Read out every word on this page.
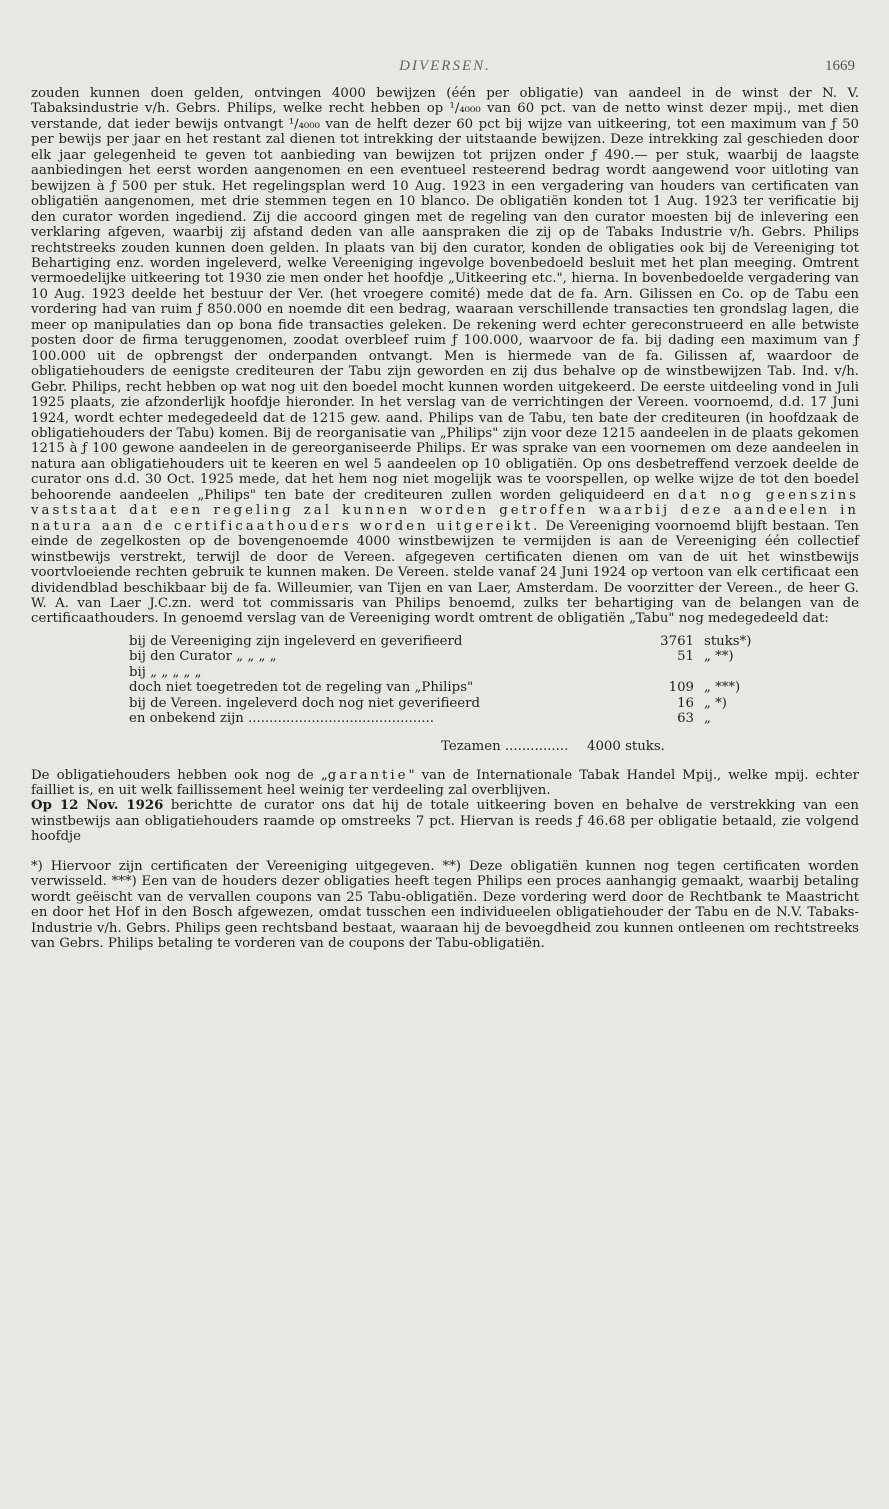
DIVERSEN.	1669

zouden kunnen doen gelden, ontvingen 4000 bewijzen (één per obligatie) van aandeel in de winst der N. V. Tabaksindustrie v/h. Gebrs. Philips, welke recht hebben op ¹/₄₀₀₀ van 60 pct. van de netto winst dezer mpij., met dien verstande, dat ieder bewijs ontvangt ¹/₄₀₀₀ van de helft dezer 60 pct bij wijze van uitkeering, tot een maximum van ƒ 50 per bewijs per jaar en het restant zal dienen tot intrekking der uitstaande bewijzen. Deze intrekking zal geschieden door elk jaar gelegenheid te geven tot aanbieding van bewijzen tot prijzen onder ƒ 490.— per stuk, waarbij de laagste aanbiedingen het eerst worden aangenomen en een eventueel resteerend bedrag wordt aangewend voor uitloting van bewijzen à ƒ 500 per stuk. Het regelingsplan werd 10 Aug. 1923 in een vergadering van houders van certificaten van obligatiën aangenomen, met drie stemmen tegen en 10 blanco. De obligatiën konden tot 1 Aug. 1923 ter verificatie bij den curator worden ingediend. Zij die accoord gingen met de regeling van den curator moesten bij de inlevering een verklaring afgeven, waarbij zij afstand deden van alle aanspraken die zij op de Tabaks Industrie v/h. Gebrs. Philips rechtstreeks zouden kunnen doen gelden. In plaats van bij den curator, konden de obligaties ook bij de Vereeniging tot Behartiging enz. worden ingeleverd, welke Vereeniging ingevolge bovenbedoeld besluit met het plan meeging. Omtrent vermoedelijke uitkeering tot 1930 zie men onder het hoofdje „Uitkeering etc.", hierna. In bovenbedoelde vergadering van 10 Aug. 1923 deelde het bestuur der Ver. (het vroegere comité) mede dat de fa. Arn. Gilissen en Co. op de Tabu een vordering had van ruim ƒ 850.000 en noemde dit een bedrag, waaraan verschillende transacties ten grondslag lagen, die meer op manipulaties dan op bona fide transacties geleken. De rekening werd echter gereconstrueerd en alle betwiste posten door de firma teruggenomen, zoodat overbleef ruim ƒ 100.000, waarvoor de fa. bij dading een maximum van ƒ 100.000 uit de opbrengst der onderpanden ontvangt. Men is hiermede van de fa. Gilissen af, waardoor de obligatiehouders de eenigste crediteuren der Tabu zijn geworden en zij dus behalve op de winstbewijzen Tab. Ind. v/h. Gebr. Philips, recht hebben op wat nog uit den boedel mocht kunnen worden uitgekeerd. De eerste uitdeeling vond in Juli 1925 plaats, zie afzonderlijk hoofdje hieronder. In het verslag van de verrichtingen der Vereen. voornoemd, d.d. 17 Juni 1924, wordt echter medegedeeld dat de 1215 gew. aand. Philips van de Tabu, ten bate der crediteuren (in hoofdzaak de obligatiehouders der Tabu) komen. Bij de reorganisatie van „Philips" zijn voor deze 1215 aandeelen in de plaats gekomen 1215 à ƒ 100 gewone aandeelen in de gereorganiseerde Philips. Er was sprake van een voornemen om deze aandeelen in natura aan obligatiehouders uit te keeren en wel 5 aandeelen op 10 obligatiën. Op ons desbetreffend verzoek deelde de curator ons d.d. 30 Oct. 1925 mede, dat het hem nog niet mogelijk was te voorspellen, op welke wijze de tot den boedel behoorende aandeelen „Philips" ten bate der crediteuren zullen worden geliquideerd en dat nog geenszins vaststaat dat een regeling zal kunnen worden getroffen waarbij deze aandeelen in natura aan de certificaathouders worden uitgereikt. De Vereeniging voornoemd blijft bestaan. Ten einde de zegelkosten op de bovengenoemde 4000 winstbewijzen te vermijden is aan de Vereeniging één collectief winstbewijs verstrekt, terwijl de door de Vereen. afgegeven certificaten dienen om van de uit het winstbewijs voortvloeiende rechten gebruik te kunnen maken. De Vereen. stelde vanaf 24 Juni 1924 op vertoon van elk certificaat een dividendblad beschikbaar bij de fa. Willeumier, van Tijen en van Laer, Amsterdam. De voorzitter der Vereen., de heer G. W. A. van Laer J.C.zn. werd tot commissaris van Philips benoemd, zulks ter behartiging van de belangen van de certificaathouders. In genoemd verslag van de Vereeniging wordt omtrent de obligatiën „Tabu" nog medegedeeld dat:

bij de Vereeniging zijn ingeleverd en geverifieerd	3761 stuks*)
bij den Curator „ „ „ „	51 „ **)
bij „ „ „ „ „
doch niet toegetreden tot de regeling van „Philips"	109 „ ***)
bij de Vereen. ingeleverd doch nog niet geverifieerd	16 „ *)
en onbekend zijn ............................................	63 „
Tezamen ...............	4000 stuks.
De obligatiehouders hebben ook nog de „garantie" van de Internationale Tabak Handel Mpij., welke mpij. echter failliet is, en uit welk faillissement heel weinig ter verdeeling zal overblijven.
Op 12 Nov. 1926 berichtte de curator ons dat hij de totale uitkeering boven en behalve de verstrekking van een winstbewijs aan obligatiehouders raamde op omstreeks 7 pct. Hiervan is reeds ƒ 46.68 per obligatie betaald, zie volgend hoofdje

*) Hiervoor zijn certificaten der Vereeniging uitgegeven. **) Deze obligatiën kunnen nog tegen certificaten worden verwisseld. ***) Een van de houders dezer obligaties heeft tegen Philips een proces aanhangig gemaakt, waarbij betaling wordt geëischt van de vervallen coupons van 25 Tabu-obligatiën. Deze vordering werd door de Rechtbank te Maastricht en door het Hof in den Bosch afgewezen, omdat tusschen een individueelen obligatiehouder der Tabu en de N.V. Tabaks-Industrie v/h. Gebrs. Philips geen rechtsband bestaat, waaraan hij de bevoegdheid zou kunnen ontleenen om rechtstreeks van Gebrs. Philips betaling te vorderen van de coupons der Tabu-obligatiën.
